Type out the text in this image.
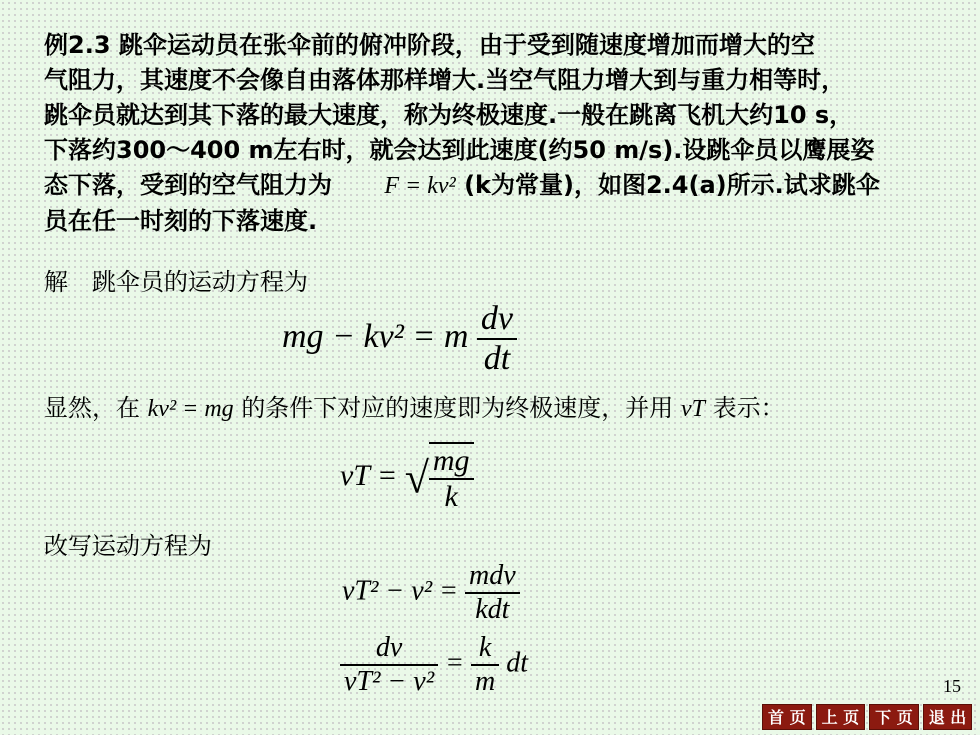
例2.3 跳伞运动员在张伞前的俯冲阶段，由于受到随速度增加而增大的空
气阻力，其速度不会像自由落体那样增大.当空气阻力增大到与重力相等时，
跳伞员就达到其下落的最大速度，称为终极速度.一般在跳离飞机大约10 s，
下落约300～400 m左右时，就会达到此速度(约50 m/s).设跳伞员以鹰展姿
态下落，受到的空气阻力为 F = kv² (k为常量)，如图2.4(a)所示.试求跳伞
员在任一时刻的下落速度.
解　跳伞员的运动方程为
mg − kv² = m $\frac{dv}{dt}$
显然，在 kv² = mg 的条件下对应的速度即为终极速度，并用 vT 表示：
vT = √ $\frac{mg}{k}$
改写运动方程为
$vT^2 - v^2 = \frac{\text{mdv}}{\text{kdt}}$
$\frac{dv}{\text{vT² − v²}} = \frac{k}{m}$ dt
15
首 页	上 页	下 页	退 出
